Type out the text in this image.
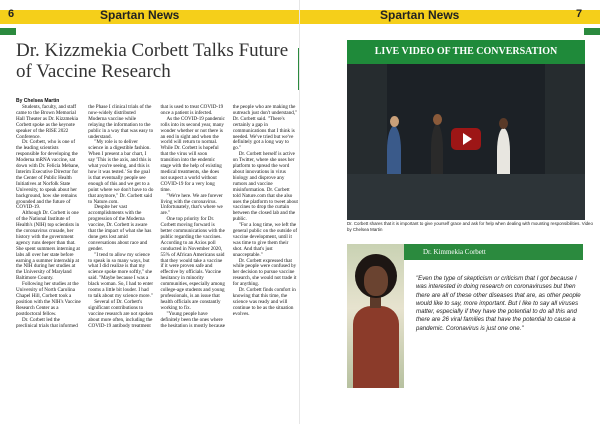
6	Spartan News
Dr. Kizzmekia Corbett Talks Future of Vaccine Research
By Chelsea Martin

Students, faculty, and staff came to the Brown Memorial Hall Theater as Dr. Kizzmekia Corbett spoke as the keynote speaker of the RISE 2022 Conference.

Dr. Corbett, who is one of the leading scientists responsible for developing the Moderna mRNA vaccine, sat down with Dr. Felicia Mebane, Interim Executive Director for the Center of Public Health Initiatives at Norfolk State University, to speak about her background, how she remains grounded and the future of COVID-19.

Although Dr. Corbett is one of the National Institute of Health's (NIH) top scientists in the coronavirus crusade, her history with the government agency runs deeper than that. She spent summers interning at labs all over her state before earning a summer internship at the NIH during her studies at the University of Maryland Baltimore County.

Following her studies at the University of North Carolina Chapel Hill, Corbett took a position with the NIH's Vaccine Research Center as a postdoctoral fellow.

Dr. Corbett led the preclinical trials that informed the Phase I clinical trials of the now-widely distributed Moderna vaccine while relaying the information to the public in a way that was easy to understand.

"My role is to deliver science in a digestible fashion. When I present a bar chart, I say 'This is the axis, and this is what you're seeing, and this is how it was tested.' So the goal is that eventually people see enough of this and we get to a point where we don't have to do that anymore," Dr. Corbett said to Nature.com.

Despite her vast accomplishments with the progression of the Moderna vaccine, Dr. Corbett is aware that the impact of what she has done gets lost amid conversations about race and gender.

"I tend to allow my science to speak in so many ways, but what I did realize is that my science spoke more softly," she said. "Maybe because I was a black woman. So, I had to enter rooms a little bit louder. I had to talk about my science more."

Several of Dr. Corbett's significant contributions to vaccine research are not spoken about more often, including the COVID-19 antibody treatment that is used to treat COVID-19 once a patient is infected.

As the COVID-19 pandemic rolls into its second year, many wonder whether or not there is an end in sight and when the world will return to normal. While Dr. Corbett is hopeful that the virus will soon transition into the endemic stage with the help of existing medical treatments, she does not suspect a world without COVID-19 for a very long time.

"We're here. We are forever living with the coronavirus. Unfortunately, that's where we are."

One top priority for Dr. Corbett moving forward is better communications with the public regarding the vaccines. According to an Axios poll conducted in November 2020, 55% of African Americans said that they would take a vaccine if it were proven safe and effective by officials. Vaccine hesitancy in minority communities, especially among college-age students and young professionals, is an issue that health officials are constantly working to fix.

"Young people have definitely been the ones where the hesitation is mostly because the people who are making the outreach just don't understand," Dr. Corbett said. "There's certainly a gap in communications that I think is needed. We've tried but we've definitely got a long way to go."

Dr. Corbett herself is active on Twitter, where she uses her platform to spread the word about innovations in virus biology and disprove any rumors and vaccine misinformation. Dr. Corbett told Nature.com that she also uses the platform to tweet about vaccines to drop the curtain between the closed lab and the public.

"For a long time, we left the general public on the outside of vaccine development, until it was time to give them their shot. And that's just unacceptable."

Dr. Corbett expressed that while people were confused by her decision to pursue vaccine research, she would not trade it for anything.

Dr. Corbett finds comfort in knowing that this time, the science was ready and will continue to be as the situation evolves.

Spartan News	7
LIVE VIDEO OF THE CONVERSATION
Dr. Corbett shares that it is important to give yourself grace and ask for help when dealing with mounting responsibilities. Video by Chelsea Martin
Dr. Kimmekia Corbett
"Even the type of skepticism or criticism that I got because I was interested in doing research on coronaviruses but then there are all of these other diseases that are, as other people would like to say, more important. But I like to say all viruses matter, especially if they have the potential to do all this and there are 26 viral families that have the potential to cause a pandemic. Coronavirus is just one one."
